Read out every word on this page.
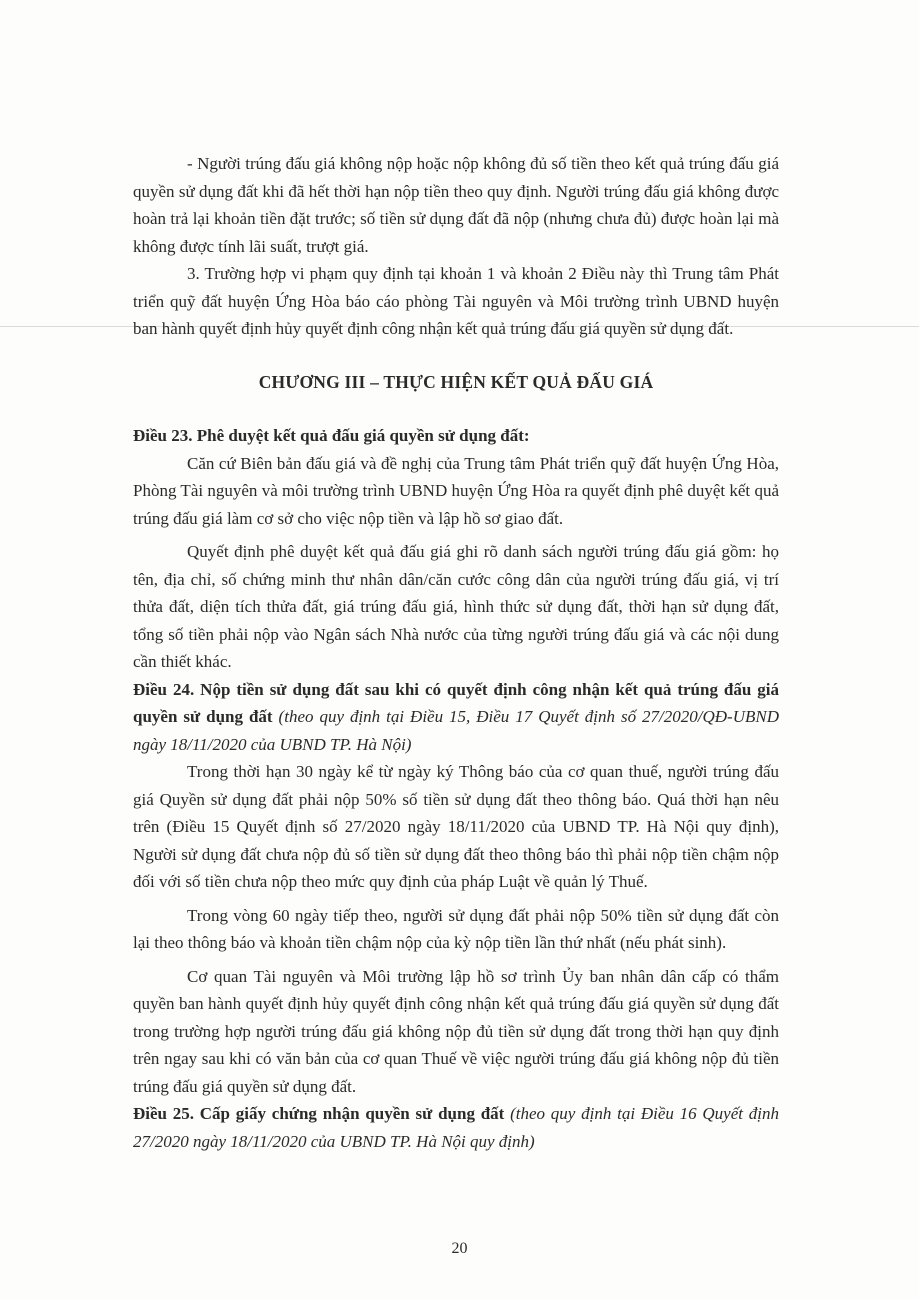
- Người trúng đấu giá không nộp hoặc nộp không đủ số tiền theo kết quả trúng đấu giá quyền sử dụng đất khi đã hết thời hạn nộp tiền theo quy định. Người trúng đấu giá không được hoàn trả lại khoản tiền đặt trước; số tiền sử dụng đất đã nộp (nhưng chưa đủ) được hoàn lại mà không được tính lãi suất, trượt giá.

3. Trường hợp vi phạm quy định tại khoản 1 và khoản 2 Điều này thì Trung tâm Phát triển quỹ đất huyện Ứng Hòa báo cáo phòng Tài nguyên và Môi trường trình UBND huyện ban hành quyết định hủy quyết định công nhận kết quả trúng đấu giá quyền sử dụng đất.

CHƯƠNG III – THỰC HIỆN KẾT QUẢ ĐẤU GIÁ

Điều 23. Phê duyệt kết quả đấu giá quyền sử dụng đất:

Căn cứ Biên bản đấu giá và đề nghị của Trung tâm Phát triển quỹ đất huyện Ứng Hòa, Phòng Tài nguyên và môi trường trình UBND huyện Ứng Hòa ra quyết định phê duyệt kết quả trúng đấu giá làm cơ sở cho việc nộp tiền và lập hồ sơ giao đất.

Quyết định phê duyệt kết quả đấu giá ghi rõ danh sách người trúng đấu giá gồm: họ tên, địa chỉ, số chứng minh thư nhân dân/căn cước công dân của người trúng đấu giá, vị trí thửa đất, diện tích thửa đất, giá trúng đấu giá, hình thức sử dụng đất, thời hạn sử dụng đất, tổng số tiền phải nộp vào Ngân sách Nhà nước của từng người trúng đấu giá và các nội dung cần thiết khác.

Điều 24. Nộp tiền sử dụng đất sau khi có quyết định công nhận kết quả trúng đấu giá quyền sử dụng đất (theo quy định tại Điều 15, Điều 17 Quyết định số 27/2020/QĐ-UBND ngày 18/11/2020 của UBND TP. Hà Nội)

Trong thời hạn 30 ngày kể từ ngày ký Thông báo của cơ quan thuế, người trúng đấu giá Quyền sử dụng đất phải nộp 50% số tiền sử dụng đất theo thông báo. Quá thời hạn nêu trên (Điều 15 Quyết định số 27/2020 ngày 18/11/2020 của UBND TP. Hà Nội quy định), Người sử dụng đất chưa nộp đủ số tiền sử dụng đất theo thông báo thì phải nộp tiền chậm nộp đối với số tiền chưa nộp theo mức quy định của pháp Luật về quản lý Thuế.

Trong vòng 60 ngày tiếp theo, người sử dụng đất phải nộp 50% tiền sử dụng đất còn lại theo thông báo và khoản tiền chậm nộp của kỳ nộp tiền lần thứ nhất (nếu phát sinh).

Cơ quan Tài nguyên và Môi trường lập hồ sơ trình Ủy ban nhân dân cấp có thẩm quyền ban hành quyết định hủy quyết định công nhận kết quả trúng đấu giá quyền sử dụng đất trong trường hợp người trúng đấu giá không nộp đủ tiền sử dụng đất trong thời hạn quy định trên ngay sau khi có văn bản của cơ quan Thuế về việc người trúng đấu giá không nộp đủ tiền trúng đấu giá quyền sử dụng đất.

Điều 25. Cấp giấy chứng nhận quyền sử dụng đất (theo quy định tại Điều 16 Quyết định 27/2020 ngày 18/11/2020 của UBND TP. Hà Nội quy định)

20
